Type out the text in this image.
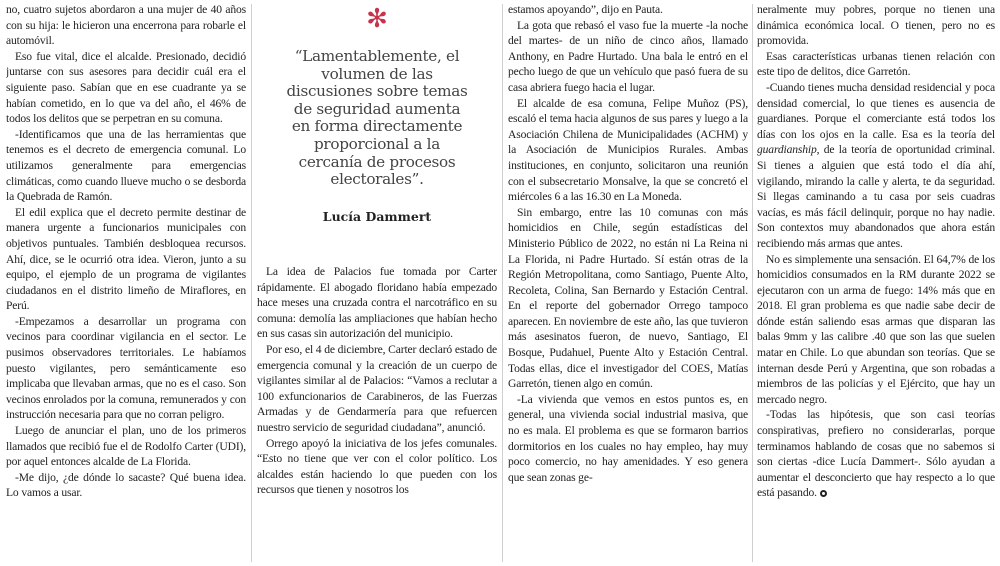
no, cuatro sujetos abordaron a una mujer de 40 años con su hija: le hicieron una encerrona para robarle el automóvil.

Eso fue vital, dice el alcalde. Presionado, decidió juntarse con sus asesores para decidir cuál era el siguiente paso. Sabían que en ese cuadrante ya se habían cometido, en lo que va del año, el 46% de todos los delitos que se perpetran en su comuna.

-Identificamos que una de las herramientas que tenemos es el decreto de emergencia comunal. Lo utilizamos generalmente para emergencias climáticas, como cuando llueve mucho o se desborda la Quebrada de Ramón.

El edil explica que el decreto permite destinar de manera urgente a funcionarios municipales con objetivos puntuales. También desbloquea recursos. Ahí, dice, se le ocurrió otra idea. Vieron, junto a su equipo, el ejemplo de un programa de vigilantes ciudadanos en el distrito limeño de Miraflores, en Perú.

-Empezamos a desarrollar un programa con vecinos para coordinar vigilancia en el sector. Le pusimos observadores territoriales. Le habíamos puesto vigilantes, pero semánticamente eso implicaba que llevaban armas, que no es el caso. Son vecinos enrolados por la comuna, remunerados y con instrucción necesaria para que no corran peligro.

Luego de anunciar el plan, uno de los primeros llamados que recibió fue el de Rodolfo Carter (UDI), por aquel entonces alcalde de La Florida.

-Me dijo, ¿de dónde lo sacaste? Qué buena idea. Lo vamos a usar.

✻
“Lamentablemente, el volumen de las discusiones sobre temas de seguridad aumenta en forma directamente proporcional a la cercanía de procesos electorales”.
Lucía Dammert

La idea de Palacios fue tomada por Carter rápidamente. El abogado floridano había empezado hace meses una cruzada contra el narcotráfico en su comuna: demolía las ampliaciones que habían hecho en sus casas sin autorización del municipio.

Por eso, el 4 de diciembre, Carter declaró estado de emergencia comunal y la creación de un cuerpo de vigilantes similar al de Palacios: “Vamos a reclutar a 100 exfuncionarios de Carabineros, de las Fuerzas Armadas y de Gendarmería para que refuercen nuestro servicio de seguridad ciudadana”, anunció.

Orrego apoyó la iniciativa de los jefes comunales. “Esto no tiene que ver con el color político. Los alcaldes están haciendo lo que pueden con los recursos que tienen y nosotros los

estamos apoyando”, dijo en Pauta.

La gota que rebasó el vaso fue la muerte -la noche del martes- de un niño de cinco años, llamado Anthony, en Padre Hurtado. Una bala le entró en el pecho luego de que un vehículo que pasó fuera de su casa abriera fuego hacia el lugar.

El alcalde de esa comuna, Felipe Muñoz (PS), escaló el tema hacia algunos de sus pares y luego a la Asociación Chilena de Municipalidades (ACHM) y la Asociación de Municipios Rurales. Ambas instituciones, en conjunto, solicitaron una reunión con el subsecretario Monsalve, la que se concretó el miércoles 6 a las 16.30 en La Moneda.

Sin embargo, entre las 10 comunas con más homicidios en Chile, según estadísticas del Ministerio Público de 2022, no están ni La Reina ni La Florida, ni Padre Hurtado. Sí están otras de la Región Metropolitana, como Santiago, Puente Alto, Recoleta, Colina, San Bernardo y Estación Central. En el reporte del gobernador Orrego tampoco aparecen. En noviembre de este año, las que tuvieron más asesinatos fueron, de nuevo, Santiago, El Bosque, Pudahuel, Puente Alto y Estación Central. Todas ellas, dice el investigador del COES, Matías Garretón, tienen algo en común.

-La vivienda que vemos en estos puntos es, en general, una vivienda social industrial masiva, que no es mala. El problema es que se formaron barrios dormitorios en los cuales no hay empleo, hay muy poco comercio, no hay amenidades. Y eso genera que sean zonas ge-

neralmente muy pobres, porque no tienen una dinámica económica local. O tienen, pero no es promovida.

Esas características urbanas tienen relación con este tipo de delitos, dice Garretón.

-Cuando tienes mucha densidad residencial y poca densidad comercial, lo que tienes es ausencia de guardianes. Porque el comerciante está todos los días con los ojos en la calle. Esa es la teoría del guardianship, de la teoría de oportunidad criminal. Si tienes a alguien que está todo el día ahí, vigilando, mirando la calle y alerta, te da seguridad. Si llegas caminando a tu casa por seis cuadras vacías, es más fácil delinquir, porque no hay nadie. Son contextos muy abandonados que ahora están recibiendo más armas que antes.

No es simplemente una sensación. El 64,7% de los homicidios consumados en la RM durante 2022 se ejecutaron con un arma de fuego: 14% más que en 2018. El gran problema es que nadie sabe decir de dónde están saliendo esas armas que disparan las balas 9mm y las calibre .40 que son las que suelen matar en Chile. Lo que abundan son teorías. Que se internan desde Perú y Argentina, que son robadas a miembros de las policías y el Ejército, que hay un mercado negro.

-Todas las hipótesis, que son casi teorías conspirativas, prefiero no considerarlas, porque terminamos hablando de cosas que no sabemos si son ciertas -dice Lucía Dammert-. Sólo ayudan a aumentar el desconcierto que hay respecto a lo que está pasando.
